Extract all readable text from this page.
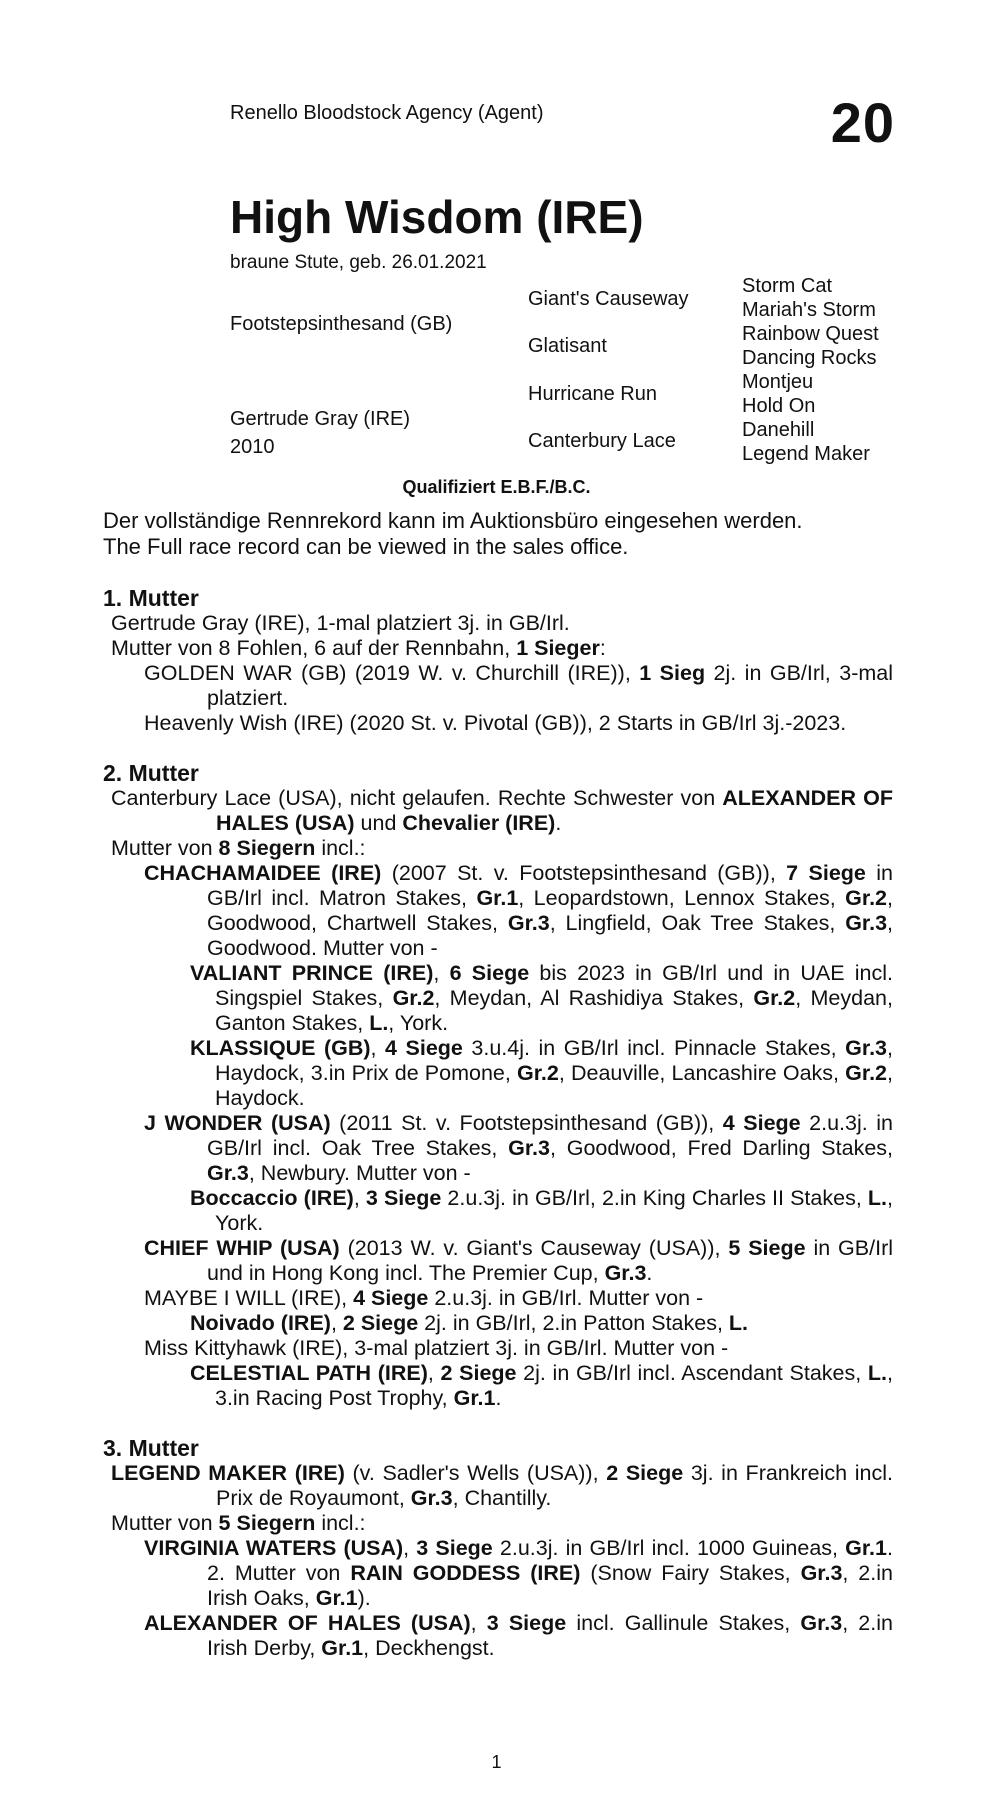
Renello Bloodstock Agency (Agent)	20
High Wisdom (IRE)
braune Stute, geb. 26.01.2021
Footstepsinthesand (GB)
Gertrude Gray (IRE)
2010
Giant's Causeway
Glatisant
Hurricane Run
Canterbury Lace
Storm Cat
Mariah's Storm
Rainbow Quest
Dancing Rocks
Montjeu
Hold On
Danehill
Legend Maker
Qualifiziert E.B.F./B.C.
Der vollständige Rennrekord kann im Auktionsbüro eingesehen werden.
The Full race record can be viewed in the sales office.
1. Mutter
Gertrude Gray (IRE), 1-mal platziert 3j. in GB/Irl.
Mutter von 8 Fohlen, 6 auf der Rennbahn, 1 Sieger:
GOLDEN WAR (GB) (2019 W. v. Churchill (IRE)), 1 Sieg 2j. in GB/Irl, 3-mal platziert.
Heavenly Wish (IRE) (2020 St. v. Pivotal (GB)), 2 Starts in GB/Irl 3j.-2023.
2. Mutter
Canterbury Lace (USA), nicht gelaufen. Rechte Schwester von ALEXANDER OF HALES (USA) und Chevalier (IRE).
Mutter von 8 Siegern incl.:
CHACHAMAIDEE (IRE) (2007 St. v. Footstepsinthesand (GB)), 7 Siege in GB/Irl incl. Matron Stakes, Gr.1, Leopardstown, Lennox Stakes, Gr.2, Goodwood, Chartwell Stakes, Gr.3, Lingfield, Oak Tree Stakes, Gr.3, Goodwood. Mutter von -
VALIANT PRINCE (IRE), 6 Siege bis 2023 in GB/Irl und in UAE incl. Singspiel Stakes, Gr.2, Meydan, Al Rashidiya Stakes, Gr.2, Meydan, Ganton Stakes, L., York.
KLASSIQUE (GB), 4 Siege 3.u.4j. in GB/Irl incl. Pinnacle Stakes, Gr.3, Haydock, 3.in Prix de Pomone, Gr.2, Deauville, Lancashire Oaks, Gr.2, Haydock.
J WONDER (USA) (2011 St. v. Footstepsinthesand (GB)), 4 Siege 2.u.3j. in GB/Irl incl. Oak Tree Stakes, Gr.3, Goodwood, Fred Darling Stakes, Gr.3, Newbury. Mutter von -
Boccaccio (IRE), 3 Siege 2.u.3j. in GB/Irl, 2.in King Charles II Stakes, L., York.
CHIEF WHIP (USA) (2013 W. v. Giant's Causeway (USA)), 5 Siege in GB/Irl und in Hong Kong incl. The Premier Cup, Gr.3.
MAYBE I WILL (IRE), 4 Siege 2.u.3j. in GB/Irl. Mutter von -
Noivado (IRE), 2 Siege 2j. in GB/Irl, 2.in Patton Stakes, L.
Miss Kittyhawk (IRE), 3-mal platziert 3j. in GB/Irl. Mutter von -
CELESTIAL PATH (IRE), 2 Siege 2j. in GB/Irl incl. Ascendant Stakes, L., 3.in Racing Post Trophy, Gr.1.
3. Mutter
LEGEND MAKER (IRE) (v. Sadler's Wells (USA)), 2 Siege 3j. in Frankreich incl. Prix de Royaumont, Gr.3, Chantilly.
Mutter von 5 Siegern incl.:
VIRGINIA WATERS (USA), 3 Siege 2.u.3j. in GB/Irl incl. 1000 Guineas, Gr.1. 2. Mutter von RAIN GODDESS (IRE) (Snow Fairy Stakes, Gr.3, 2.in Irish Oaks, Gr.1).
ALEXANDER OF HALES (USA), 3 Siege incl. Gallinule Stakes, Gr.3, 2.in Irish Derby, Gr.1, Deckhengst.
1
